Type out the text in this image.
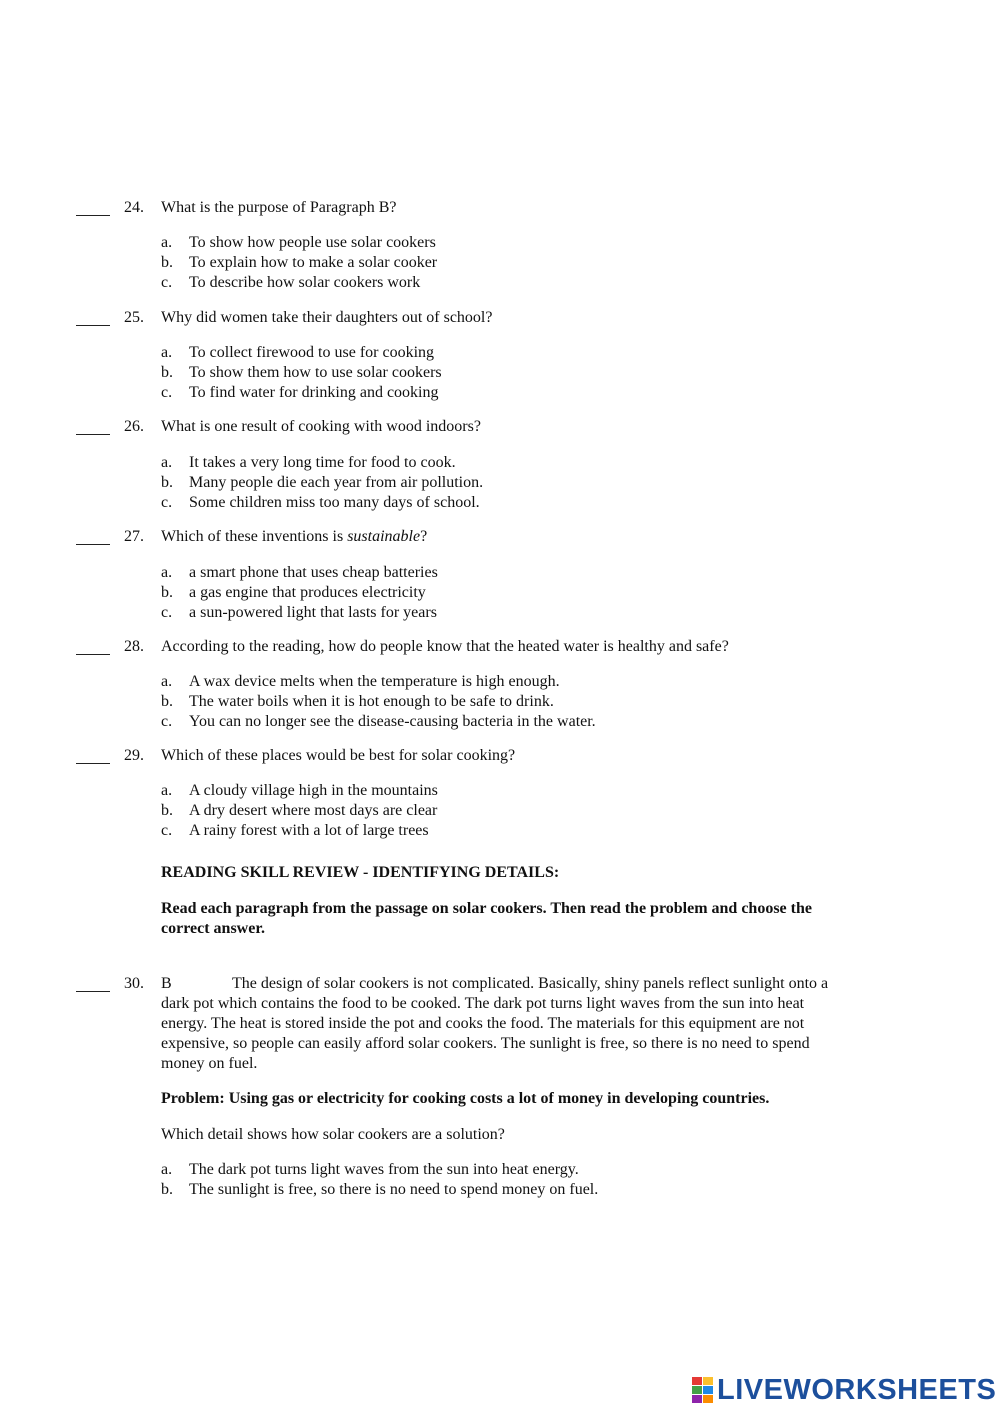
24. What is the purpose of Paragraph B?
a. To show how people use solar cookers
b. To explain how to make a solar cooker
c. To describe how solar cookers work
25. Why did women take their daughters out of school?
a. To collect firewood to use for cooking
b. To show them how to use solar cookers
c. To find water for drinking and cooking
26. What is one result of cooking with wood indoors?
a. It takes a very long time for food to cook.
b. Many people die each year from air pollution.
c. Some children miss too many days of school.
27. Which of these inventions is sustainable?
a. a smart phone that uses cheap batteries
b. a gas engine that produces electricity
c. a sun-powered light that lasts for years
28. According to the reading, how do people know that the heated water is healthy and safe?
a. A wax device melts when the temperature is high enough.
b. The water boils when it is hot enough to be safe to drink.
c. You can no longer see the disease-causing bacteria in the water.
29. Which of these places would be best for solar cooking?
a. A cloudy village high in the mountains
b. A dry desert where most days are clear
c. A rainy forest with a lot of large trees
READING SKILL REVIEW - IDENTIFYING DETAILS:
Read each paragraph from the passage on solar cookers. Then read the problem and choose the
correct answer.
30. B	The design of solar cookers is not complicated. Basically, shiny panels reflect sunlight onto a
dark pot which contains the food to be cooked. The dark pot turns light waves from the sun into heat
energy. The heat is stored inside the pot and cooks the food. The materials for this equipment are not
expensive, so people can easily afford solar cookers. The sunlight is free, so there is no need to spend
money on fuel.
Problem: Using gas or electricity for cooking costs a lot of money in developing countries.
Which detail shows how solar cookers are a solution?
a. The dark pot turns light waves from the sun into heat energy.
b. The sunlight is free, so there is no need to spend money on fuel.
LIVEWORKSHEETS
